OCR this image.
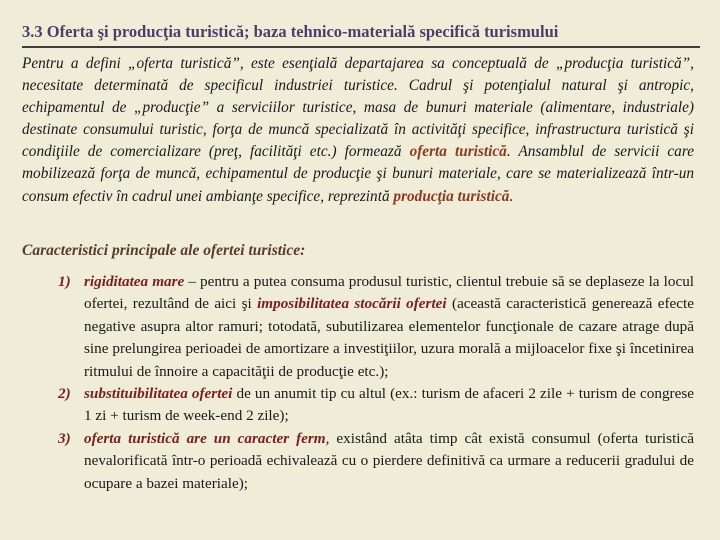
3.3 Oferta şi producţia turistică; baza tehnico-materială specifică turismului
Pentru a defini „oferta turistică”, este esenţială departajarea sa conceptuală de „producţia turistică”, necesitate determinată de specificul industriei turistice. Cadrul şi potenţialul natural şi antropic, echipamentul de „producţie” a serviciilor turistice, masa de bunuri materiale (alimentare, industriale) destinate consumului turistic, forţa de muncă specializată în activităţi specifice, infrastructura turistică şi condiţiile de comercializare (preţ, facilităţi etc.) formează oferta turistică. Ansamblul de servicii care mobilizează forţa de muncă, echipamentul de producţie şi bunuri materiale, care se materializează într-un consum efectiv în cadrul unei ambianţe specifice, reprezintă producţia turistică.
Caracteristici principale ale ofertei turistice:
1) rigiditatea mare – pentru a putea consuma produsul turistic, clientul trebuie să se deplaseze la locul ofertei, rezultând de aici şi imposibilitatea stocării ofertei (această caracteristică generează efecte negative asupra altor ramuri; totodată, subutilizarea elementelor funcţionale de cazare atrage după sine prelungirea perioadei de amortizare a investiţiilor, uzura morală a mijloacelor fixe şi încetinirea ritmului de înnoire a capacităţii de producţie etc.);
2) substituibilitatea ofertei de un anumit tip cu altul (ex.: turism de afaceri 2 zile + turism de congrese 1 zi + turism de week-end 2 zile);
3) oferta turistică are un caracter ferm, existând atâta timp cât există consumul (oferta turistică nevalorificată într-o perioadă echivalează cu o pierdere definitivă ca urmare a reducerii gradului de ocupare a bazei materiale);
